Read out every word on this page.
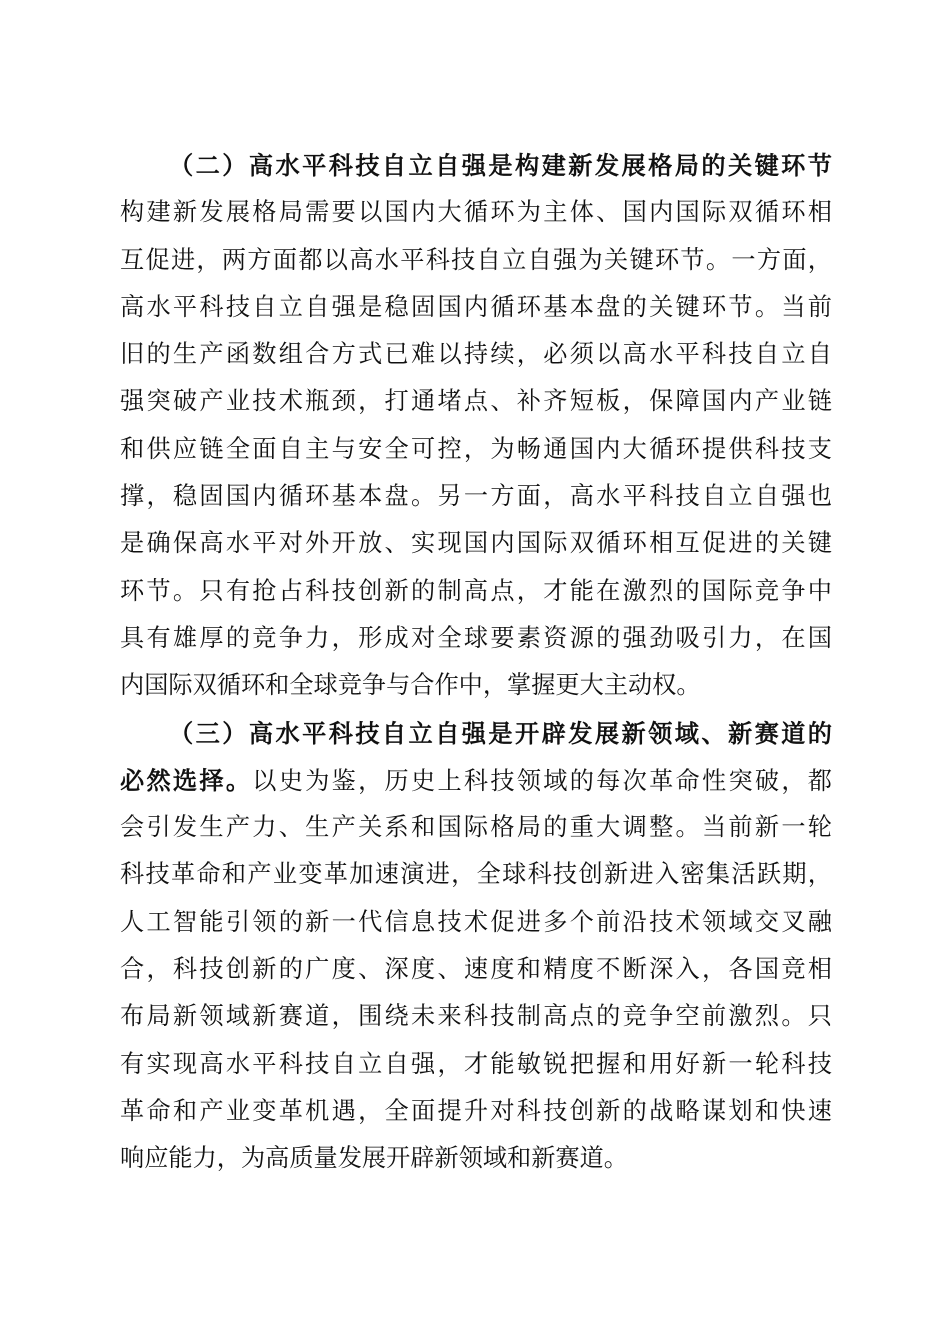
（二）高水平科技自立自强是构建新发展格局的关键环节
构建新发展格局需要以国内大循环为主体、国内国际双循环相
互促进，两方面都以高水平科技自立自强为关键环节。一方面，
高水平科技自立自强是稳固国内循环基本盘的关键环节。当前
旧的生产函数组合方式已难以持续，必须以高水平科技自立自
强突破产业技术瓶颈，打通堵点、补齐短板，保障国内产业链
和供应链全面自主与安全可控，为畅通国内大循环提供科技支
撑，稳固国内循环基本盘。另一方面，高水平科技自立自强也
是确保高水平对外开放、实现国内国际双循环相互促进的关键
环节。只有抢占科技创新的制高点，才能在激烈的国际竞争中
具有雄厚的竞争力，形成对全球要素资源的强劲吸引力，在国
内国际双循环和全球竞争与合作中，掌握更大主动权。
（三）高水平科技自立自强是开辟发展新领域、新赛道的
必然选择。以史为鉴，历史上科技领域的每次革命性突破，都
会引发生产力、生产关系和国际格局的重大调整。当前新一轮
科技革命和产业变革加速演进，全球科技创新进入密集活跃期，
人工智能引领的新一代信息技术促进多个前沿技术领域交叉融
合，科技创新的广度、深度、速度和精度不断深入，各国竞相
布局新领域新赛道，围绕未来科技制高点的竞争空前激烈。只
有实现高水平科技自立自强，才能敏锐把握和用好新一轮科技
革命和产业变革机遇，全面提升对科技创新的战略谋划和快速
响应能力，为高质量发展开辟新领域和新赛道。
